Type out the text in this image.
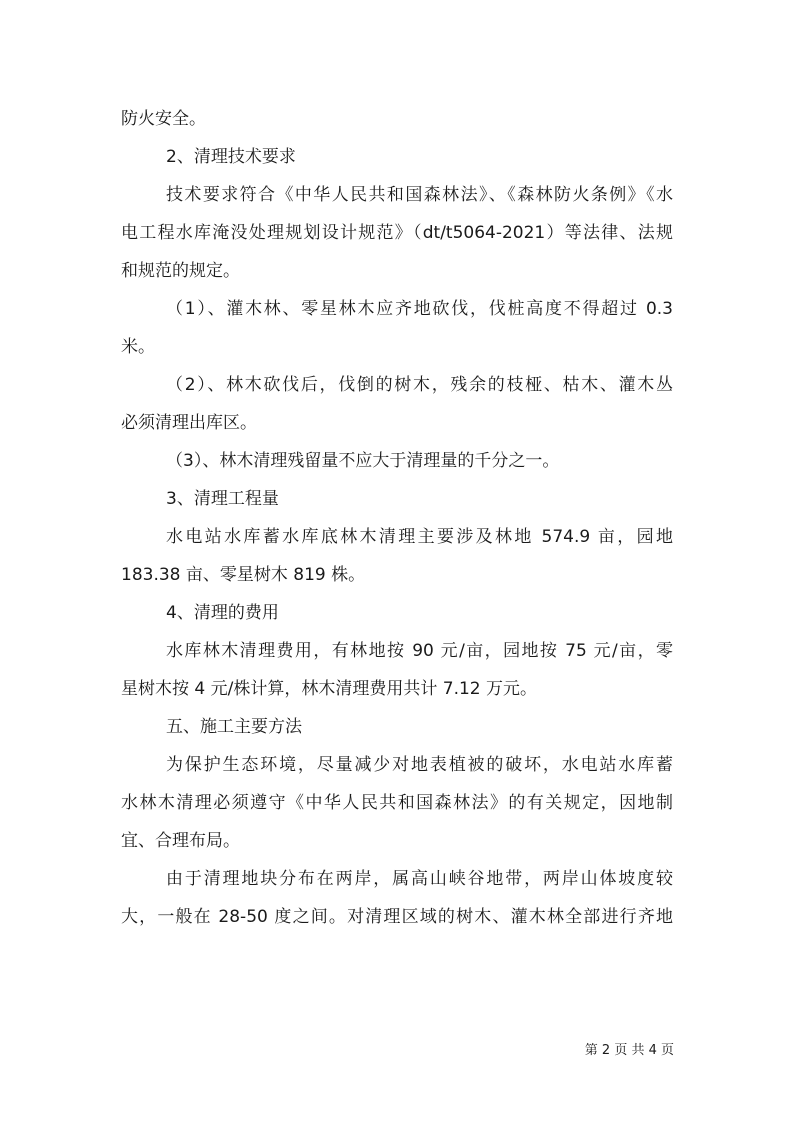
防火安全。
2、清理技术要求
技术要求符合《中华人民共和国森林法》、《森林防火条例》《水
电工程水库淹没处理规划设计规范》（dt/t5064-2021）等法律、法规
和规范的规定。
（1）、灌木林、零星林木应齐地砍伐，伐桩高度不得超过 0.3
米。
（2）、林木砍伐后，伐倒的树木，残余的枝桠、枯木、灌木丛
必须清理出库区。
（3）、林木清理残留量不应大于清理量的千分之一。
3、清理工程量
水电站水库蓄水库底林木清理主要涉及林地 574.9 亩，园地
183.38 亩、零星树木 819 株。
4、清理的费用
水库林木清理费用，有林地按 90 元/亩，园地按 75 元/亩，零
星树木按 4 元/株计算，林木清理费用共计 7.12 万元。
五、施工主要方法
为保护生态环境，尽量减少对地表植被的破坏，水电站水库蓄
水林木清理必须遵守《中华人民共和国森林法》的有关规定，因地制
宜、合理布局。
由于清理地块分布在两岸，属高山峡谷地带，两岸山体坡度较
大，一般在 28-50 度之间。对清理区域的树木、灌木林全部进行齐地
第 2 页 共 4 页
